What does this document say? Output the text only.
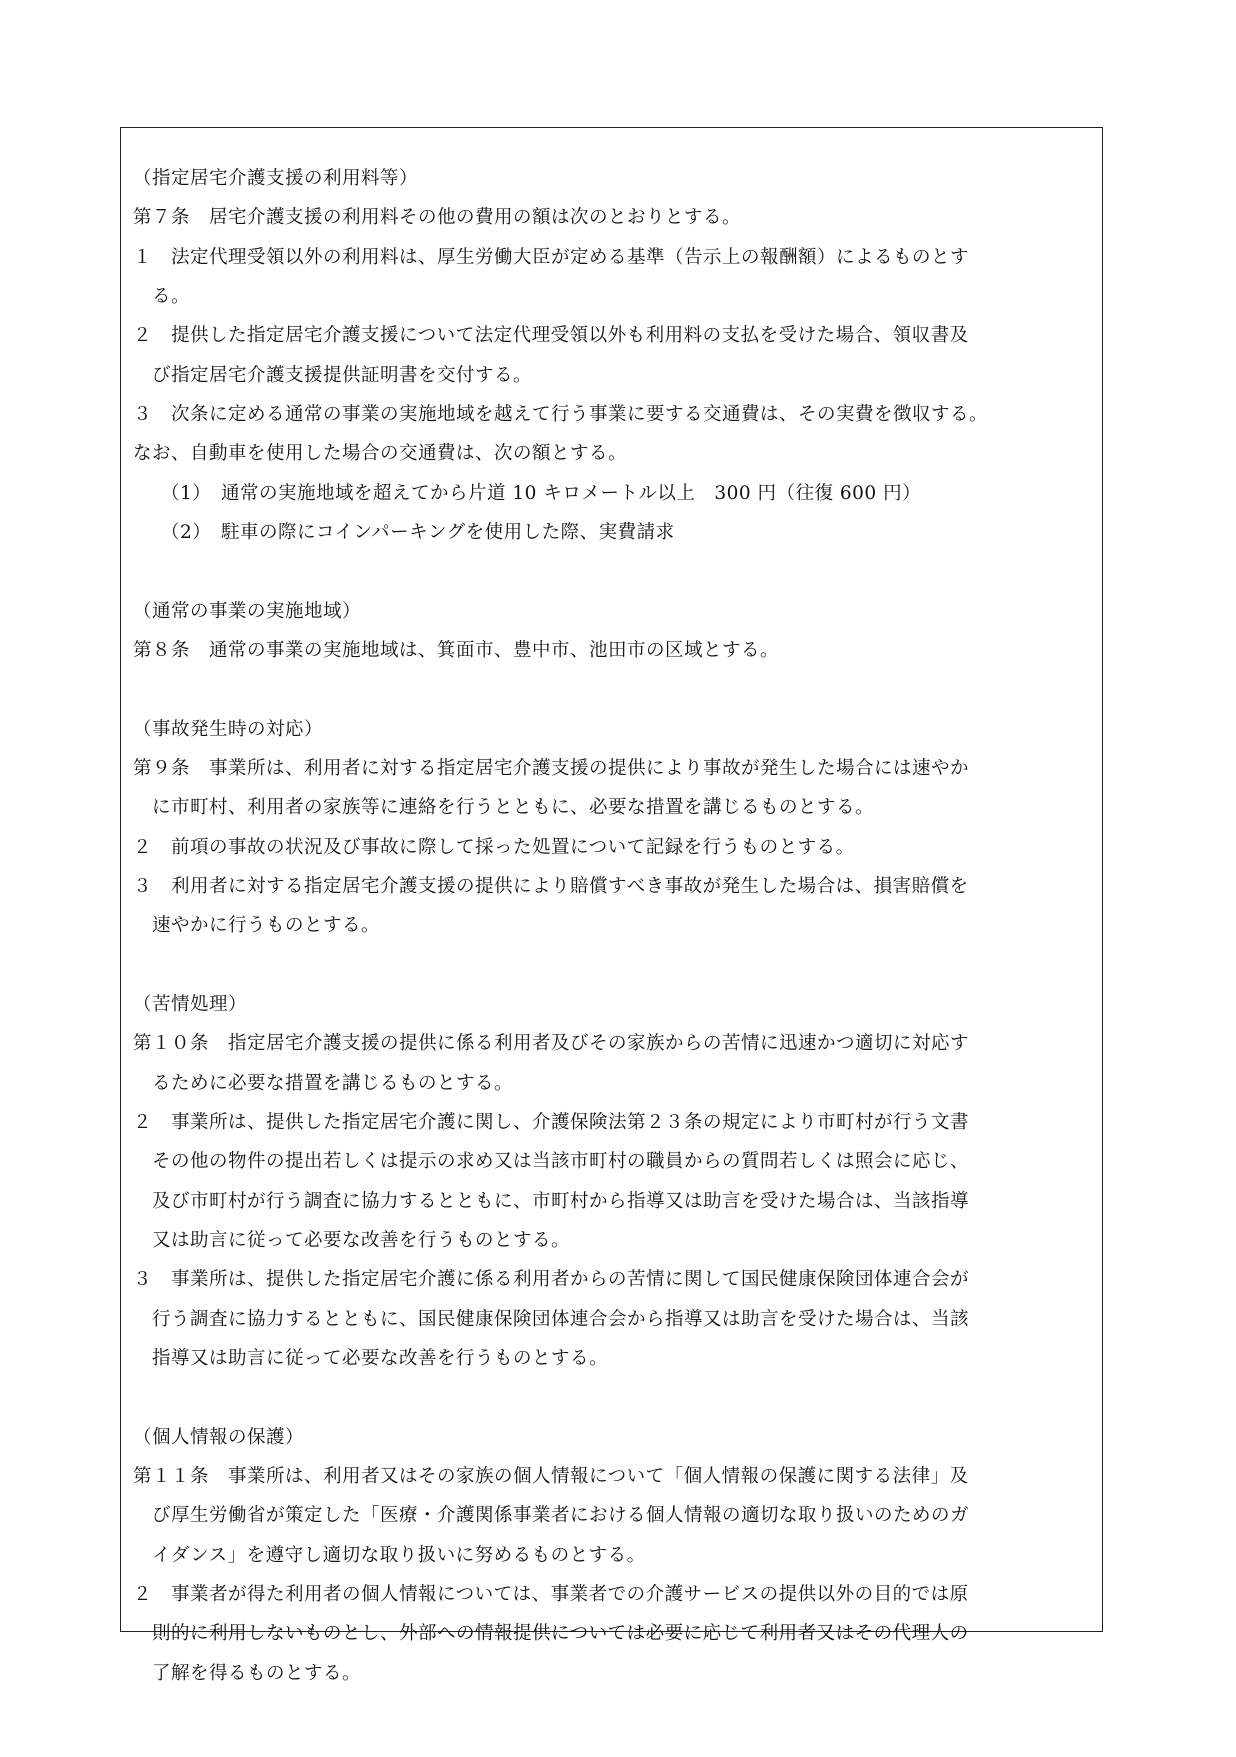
（指定居宅介護支援の利用料等）
第７条　居宅介護支援の利用料その他の費用の額は次のとおりとする。
１　法定代理受領以外の利用料は、厚生労働大臣が定める基準（告示上の報酬額）によるものとす
　る。
２　提供した指定居宅介護支援について法定代理受領以外も利用料の支払を受けた場合、領収書及
　び指定居宅介護支援提供証明書を交付する。
３　次条に定める通常の事業の実施地域を越えて行う事業に要する交通費は、その実費を徴収する。
なお、自動車を使用した場合の交通費は、次の額とする。
（1）　通常の実施地域を超えてから片道 10 キロメートル以上　300 円（往復 600 円）
（2）　駐車の際にコインパーキングを使用した際、実費請求
（通常の事業の実施地域）
第８条　通常の事業の実施地域は、箕面市、豊中市、池田市の区域とする。
（事故発生時の対応）
第９条　事業所は、利用者に対する指定居宅介護支援の提供により事故が発生した場合には速やか
　に市町村、利用者の家族等に連絡を行うとともに、必要な措置を講じるものとする。
２　前項の事故の状況及び事故に際して採った処置について記録を行うものとする。
３　利用者に対する指定居宅介護支援の提供により賠償すべき事故が発生した場合は、損害賠償を
　速やかに行うものとする。
（苦情処理）
第１０条　指定居宅介護支援の提供に係る利用者及びその家族からの苦情に迅速かつ適切に対応す
　るために必要な措置を講じるものとする。
２　事業所は、提供した指定居宅介護に関し、介護保険法第２３条の規定により市町村が行う文書
　その他の物件の提出若しくは提示の求め又は当該市町村の職員からの質問若しくは照会に応じ、
　及び市町村が行う調査に協力するとともに、市町村から指導又は助言を受けた場合は、当該指導
　又は助言に従って必要な改善を行うものとする。
３　事業所は、提供した指定居宅介護に係る利用者からの苦情に関して国民健康保険団体連合会が
　行う調査に協力するとともに、国民健康保険団体連合会から指導又は助言を受けた場合は、当該
　指導又は助言に従って必要な改善を行うものとする。
（個人情報の保護）
第１１条　事業所は、利用者又はその家族の個人情報について「個人情報の保護に関する法律」及
　び厚生労働省が策定した「医療・介護関係事業者における個人情報の適切な取り扱いのためのガ
　イダンス」を遵守し適切な取り扱いに努めるものとする。
２　事業者が得た利用者の個人情報については、事業者での介護サービスの提供以外の目的では原
　則的に利用しないものとし、外部への情報提供については必要に応じて利用者又はその代理人の
　了解を得るものとする。
